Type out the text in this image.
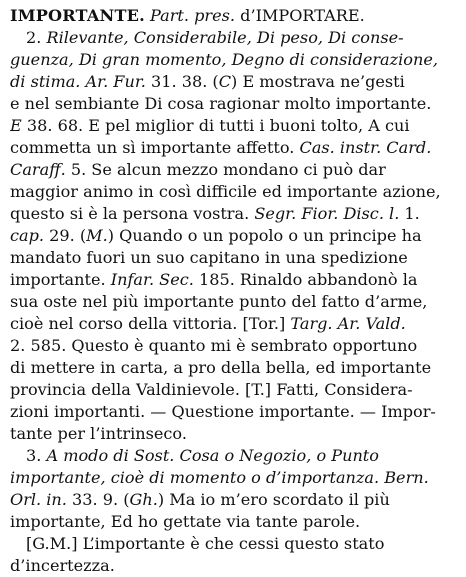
IMPORTANTE. Part. pres. d’IMPORTARE.
2. Rilevante, Considerabile, Di peso, Di conse-
guenza, Di gran momento, Degno di considerazione,
di stima. Ar. Fur. 31. 38. (C) E mostrava ne’gesti
e nel sembiante Di cosa ragionar molto importante.
E 38. 68. E pel miglior di tutti i buoni tolto, A cui
commetta un sì importante affetto. Cas. instr. Card.
Caraff. 5. Se alcun mezzo mondano ci può dar
maggior animo in così difficile ed importante azione,
questo si è la persona vostra. Segr. Fior. Disc. l. 1.
cap. 29. (M.) Quando o un popolo o un principe ha
mandato fuori un suo capitano in una spedizione
importante. Infar. Sec. 185. Rinaldo abbandonò la
sua oste nel più importante punto del fatto d’arme,
cioè nel corso della vittoria. [Tor.] Targ. Ar. Vald.
2. 585. Questo è quanto mi è sembrato opportuno
di mettere in carta, a pro della bella, ed importante
provincia della Valdinievole. [T.] Fatti, Considera-
zioni importanti. — Questione importante. — Impor-
tante per l’intrinseco.
3. A modo di Sost. Cosa o Negozio, o Punto
importante, cioè di momento o d’importanza. Bern.
Orl. in. 33. 9. (Gh.) Ma io m’ero scordato il più
importante, Ed ho gettate via tante parole.
[G.M.] L’importante è che cessi questo stato
d’incertezza.
